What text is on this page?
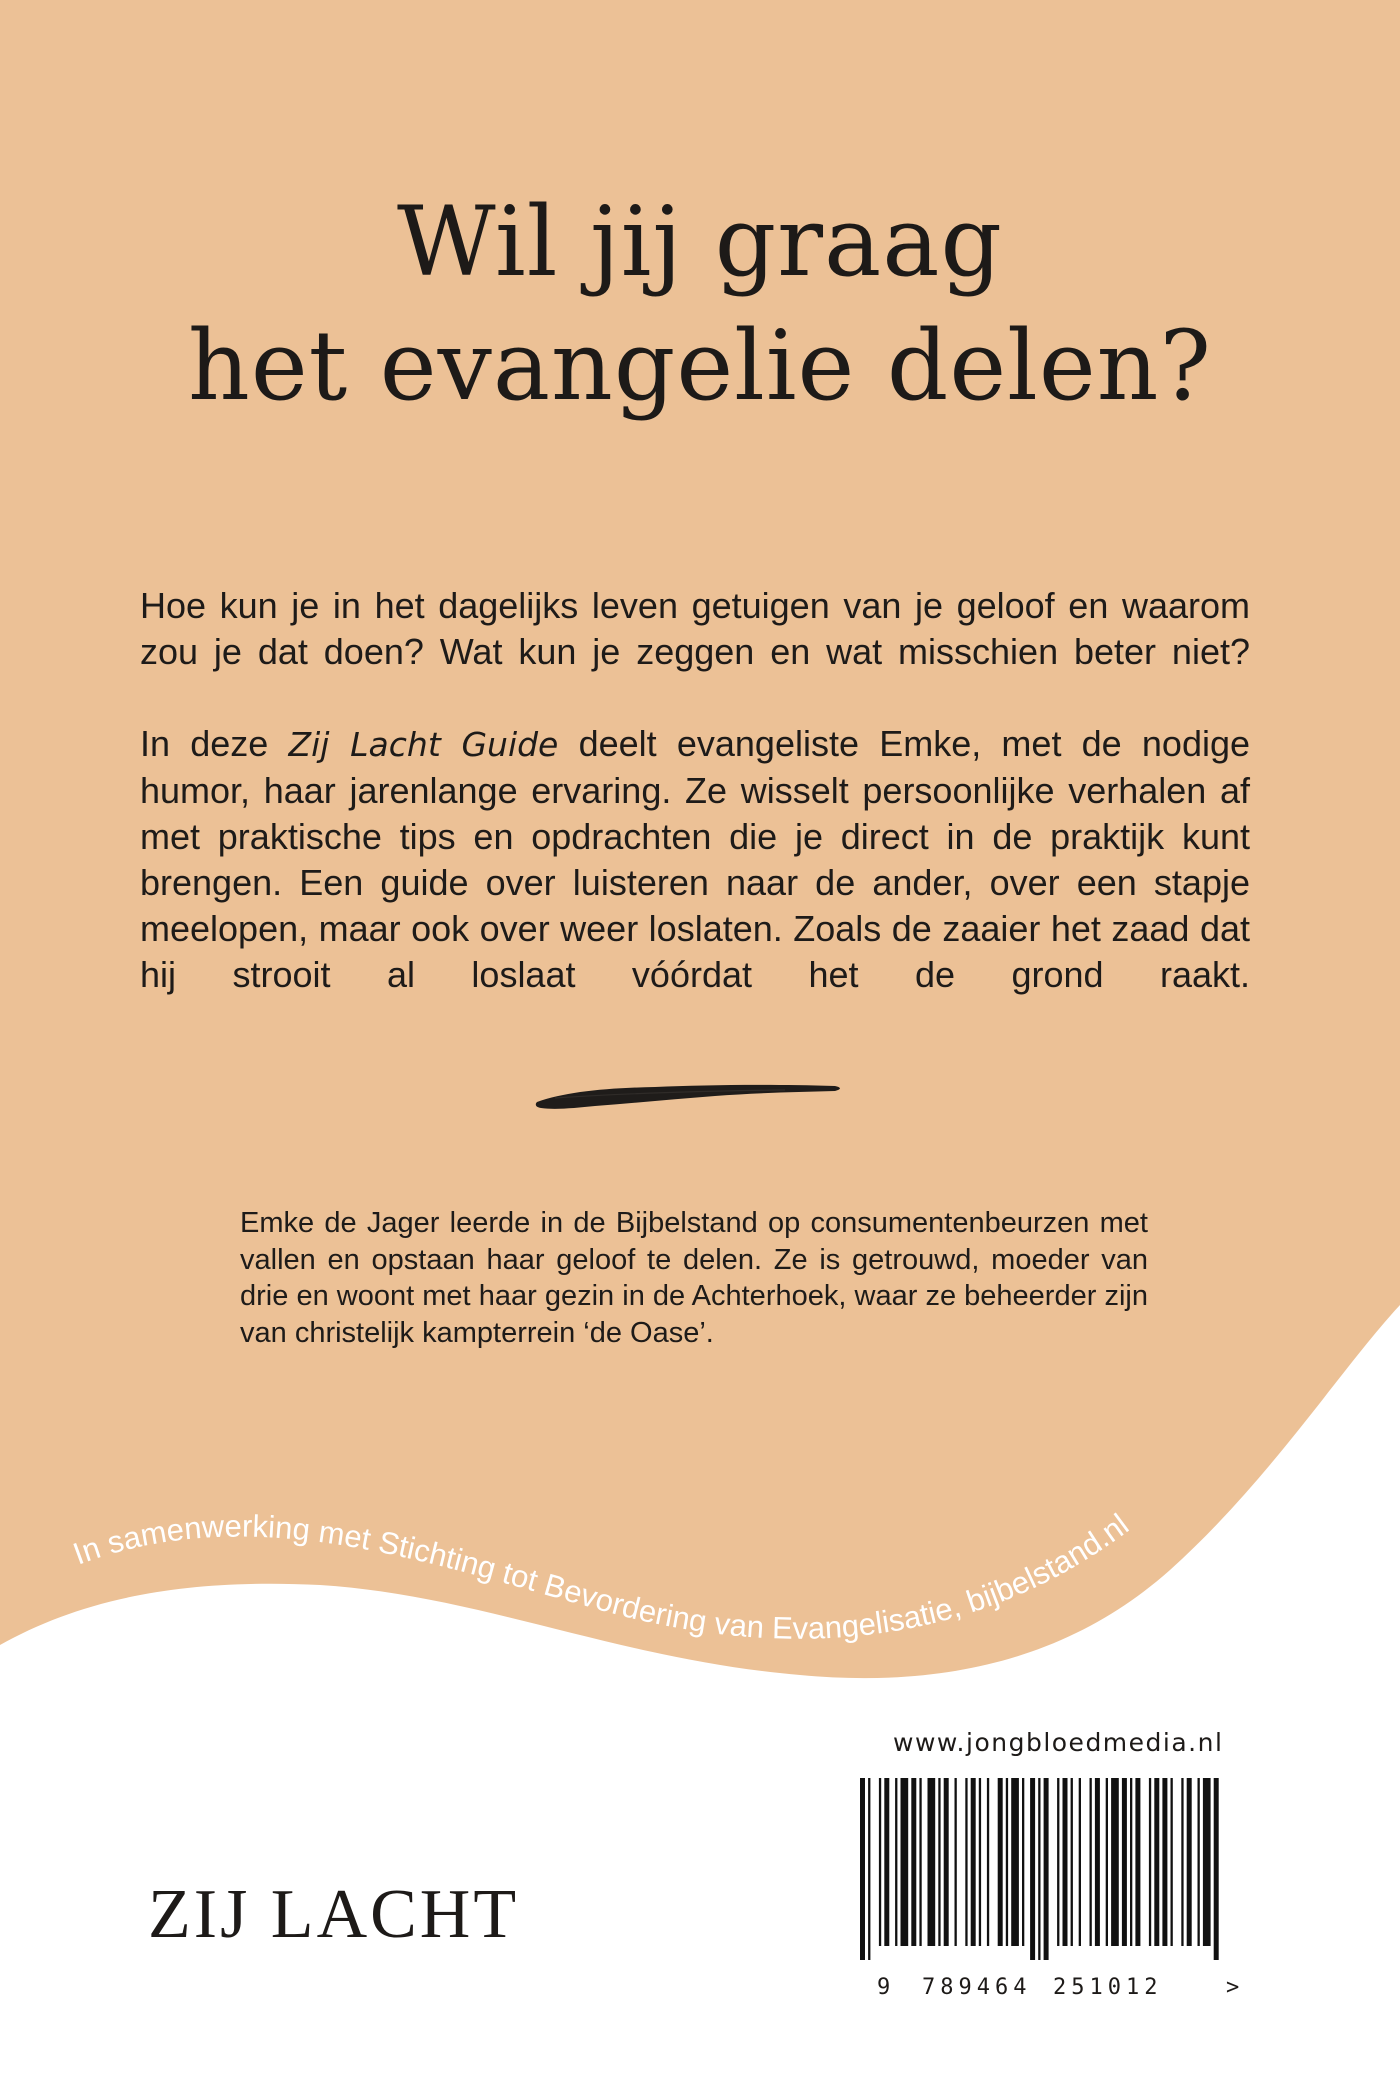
Wil jij graag
het evangelie delen?
Hoe kun je in het dagelijks leven getuigen van je geloof en waarom zou je dat doen? Wat kun je zeggen en wat misschien beter niet?
In deze Zij Lacht Guide deelt evangeliste Emke, met de nodige humor, haar jarenlange ervaring. Ze wisselt persoonlijke verhalen af met praktische tips en opdrachten die je direct in de praktijk kunt brengen. Een guide over luisteren naar de ander, over een stapje meelopen, maar ook over weer loslaten. Zoals de zaaier het zaad dat hij strooit al loslaat vóórdat het de grond raakt.
Emke de Jager leerde in de Bijbelstand op consumentenbeurzen met vallen en opstaan haar geloof te delen. Ze is getrouwd, moeder van drie en woont met haar gezin in de Achterhoek, waar ze beheerder zijn van christelijk kampterrein ‘de Oase’.
In samenwerking met Stichting tot Bevordering van Evangelisatie, bijbelstand.nl
ZIJ LACHT
www.jongbloedmedia.nl
9 789464 251012	>
